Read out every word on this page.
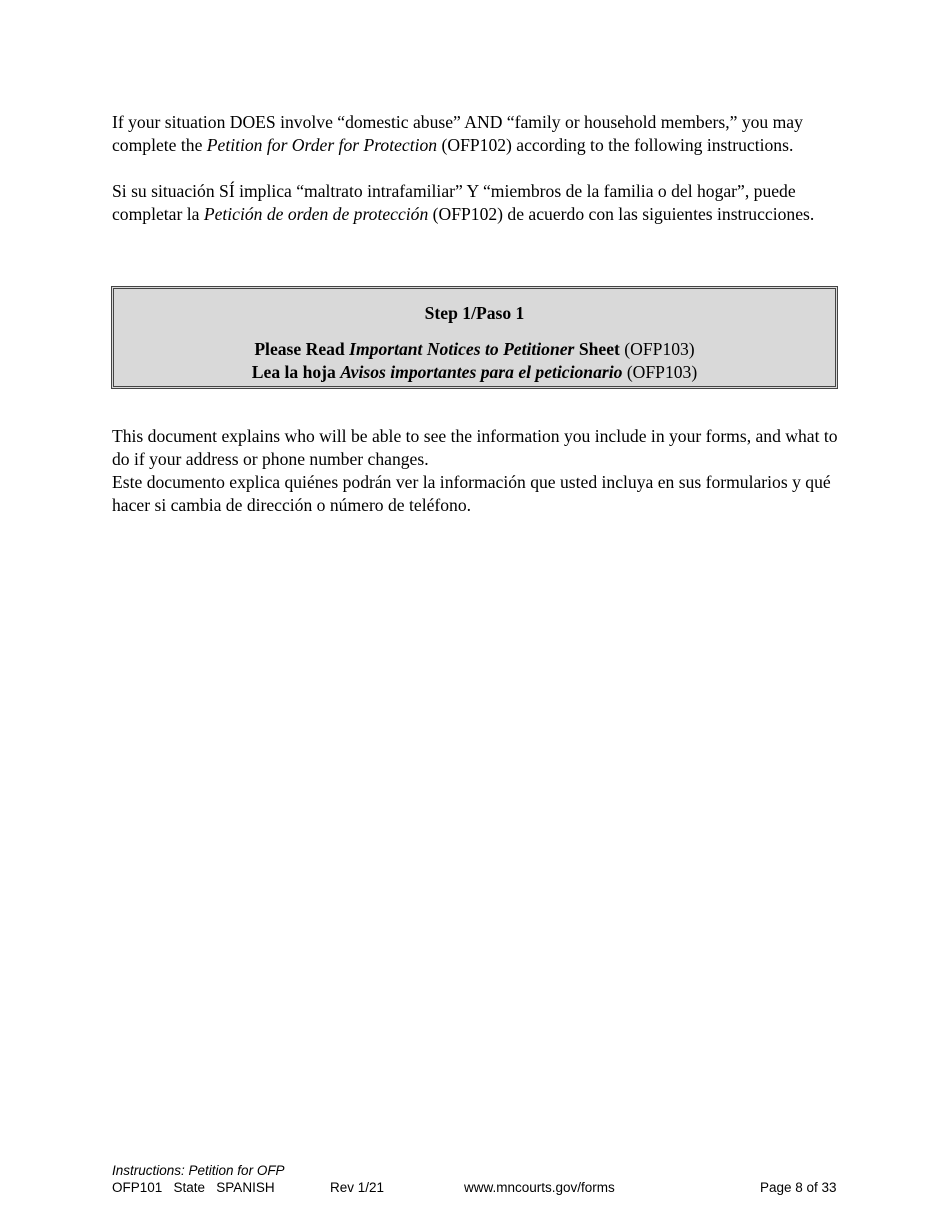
If your situation DOES involve “domestic abuse” AND “family or household members,” you may complete the Petition for Order for Protection (OFP102) according to the following instructions.

Si su situación SÍ implica “maltrato intrafamiliar” Y “miembros de la familia o del hogar”, puede completar la Petición de orden de protección (OFP102) de acuerdo con las siguientes instrucciones.

Step 1/Paso 1
Please Read Important Notices to Petitioner Sheet (OFP103)
Lea la hoja Avisos importantes para el peticionario (OFP103)

This document explains who will be able to see the information you include in your forms, and what to do if your address or phone number changes.

Este documento explica quiénes podrán ver la información que usted incluya en sus formularios y qué hacer si cambia de dirección o número de teléfono.

Instructions: Petition for OFP
OFP101   State   SPANISH	Rev 1/21	www.mncourts.gov/forms	Page 8 of 33
